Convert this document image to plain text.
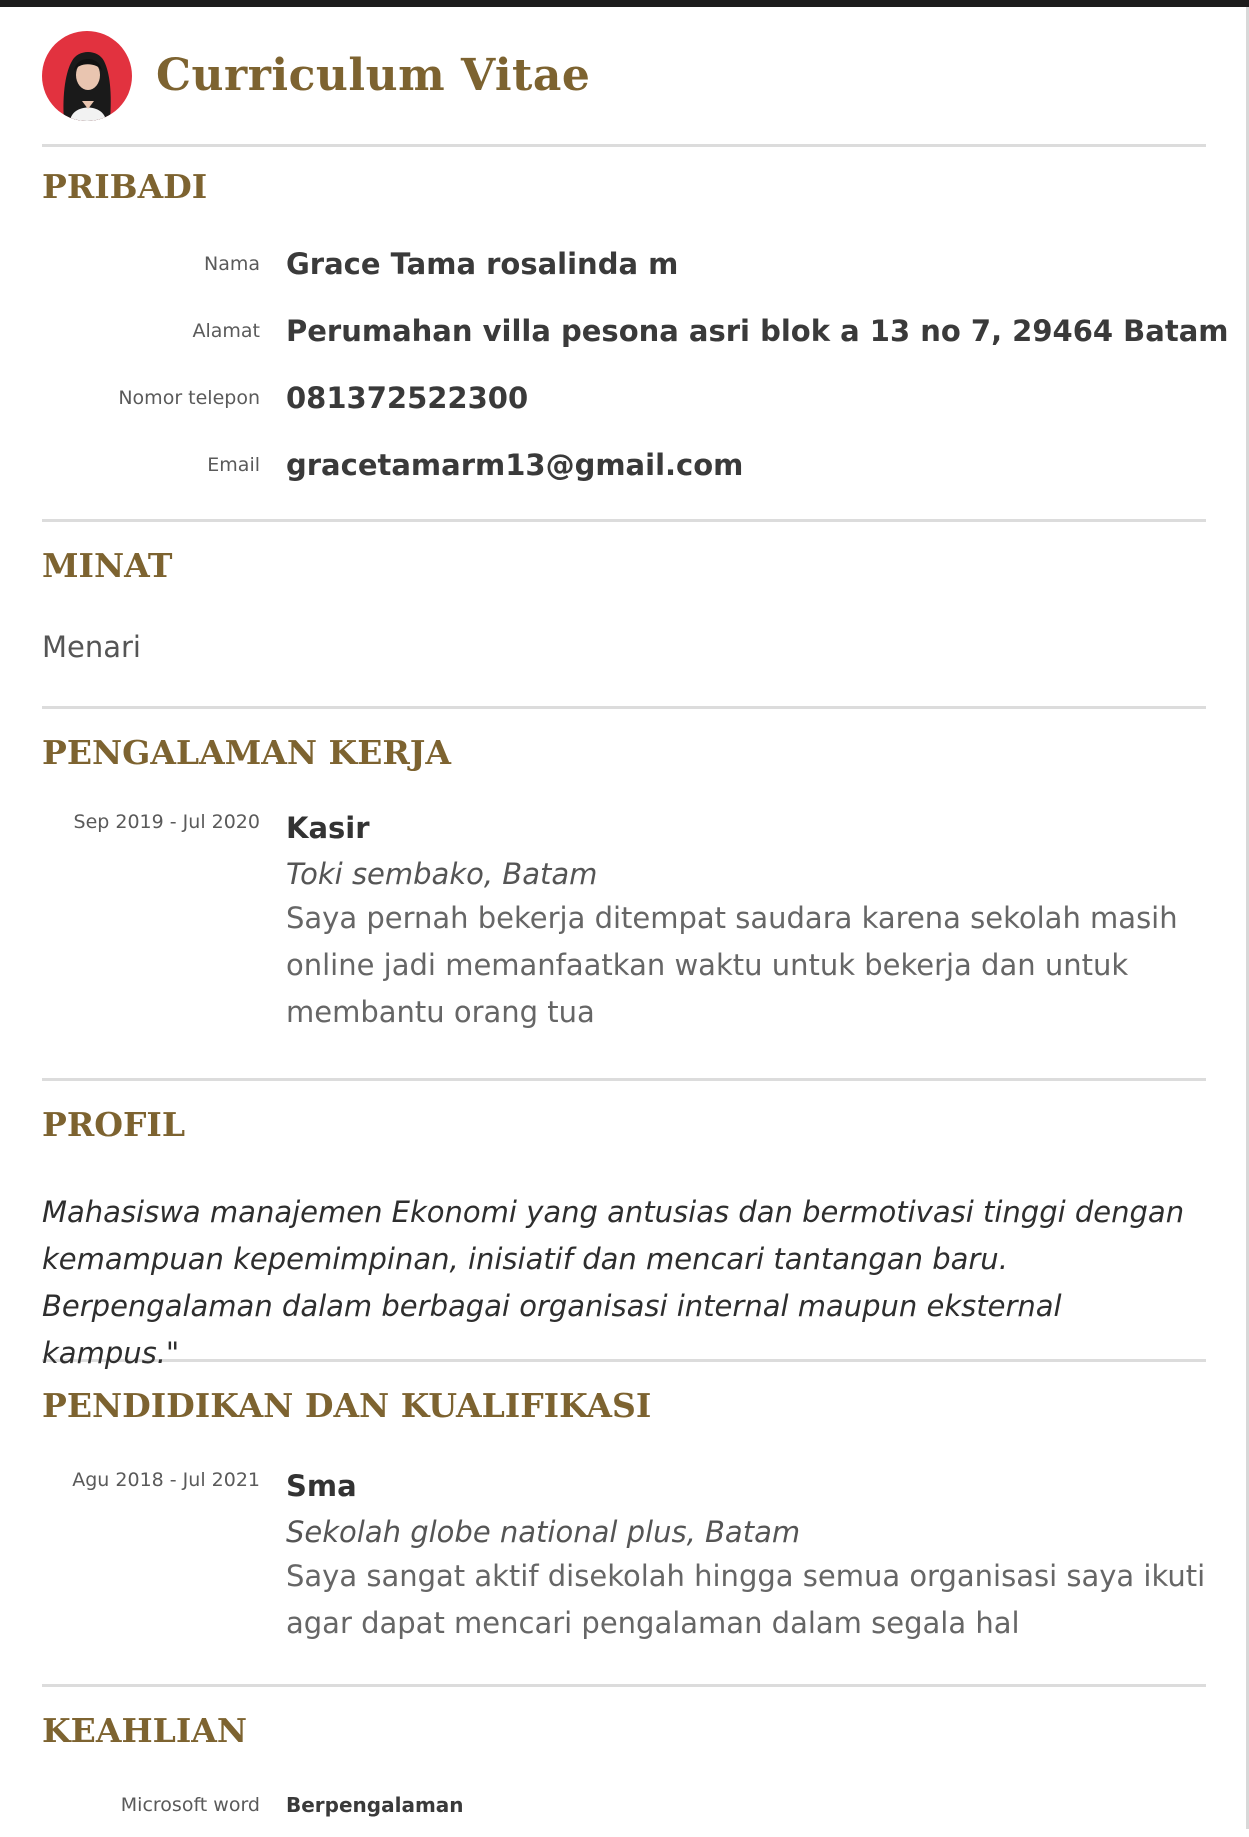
Curriculum Vitae
PRIBADI
Nama Grace Tama rosalinda m
Alamat Perumahan villa pesona asri blok a 13 no 7, 29464 Batam
Nomor telepon 081372522300
Email gracetamarm13@gmail.com
MINAT
Menari
PENGALAMAN KERJA
Sep 2019 - Jul 2020 Kasir
Toki sembako, Batam
Saya pernah bekerja ditempat saudara karena sekolah masih online jadi memanfaatkan waktu untuk bekerja dan untuk membantu orang tua
PROFIL
Mahasiswa manajemen Ekonomi yang antusias dan bermotivasi tinggi dengan kemampuan kepemimpinan, inisiatif dan mencari tantangan baru. Berpengalaman dalam berbagai organisasi internal maupun eksternal kampus."
PENDIDIKAN DAN KUALIFIKASI
Agu 2018 - Jul 2021 Sma
Sekolah globe national plus, Batam
Saya sangat aktif disekolah hingga semua organisasi saya ikuti agar dapat mencari pengalaman dalam segala hal
KEAHLIAN
Microsoft word Berpengalaman
